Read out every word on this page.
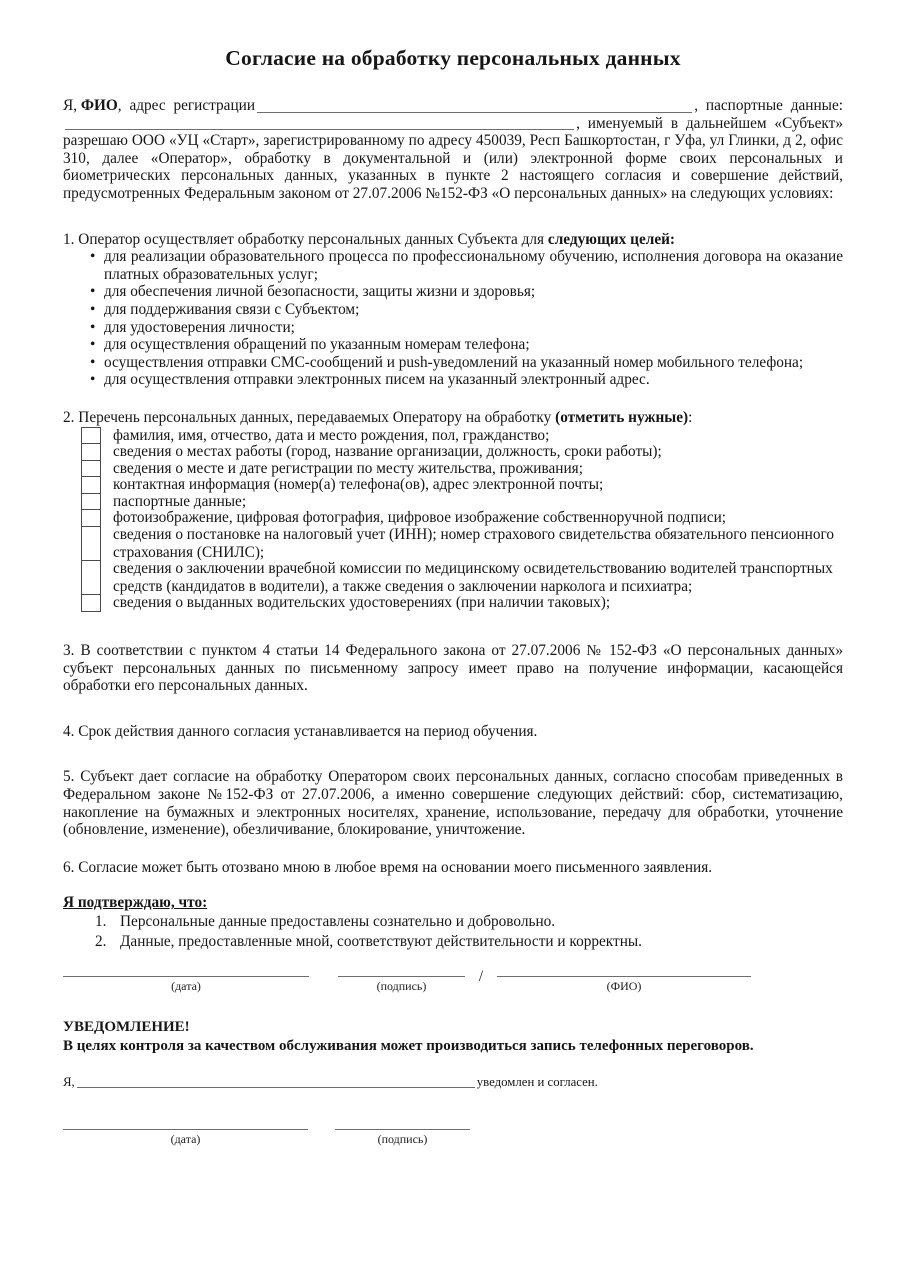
Согласие на обработку персональных данных
Я,
ФИО , адрес регистрации	, паспортные данные:
, именуемый в дальнейшем «Субъект»

разрешаю ООО «УЦ «Старт», зарегистрированному по адресу 450039, Респ Башкортостан, г Уфа, ул Глинки, д 2, офис 310, далее «Оператор», обработку в документальной и (или) электронной форме своих персональных и биометрических персональных данных, указанных в пункте 2 настоящего согласия и совершение действий, предусмотренных Федеральным законом от 27.07.2006 №152-ФЗ «О персональных данных» на следующих условиях:

1. Оператор осуществляет обработку персональных данных Субъекта для следующих целей:

•
для реализации образовательного процесса по профессиональному обучению, исполнения договора на оказание платных образовательных услуг;
•
для обеспечения личной безопасности, защиты жизни и здоровья;
•
для поддерживания связи с Субъектом;
•
для удостоверения личности;
•
для осуществления обращений по указанным номерам телефона;
•
осуществления отправки СМС-сообщений и push-уведомлений на указанный номер мобильного телефона;
•
для осуществления отправки электронных писем на указанный электронный адрес.

2. Перечень персональных данных, передаваемых Оператору на обработку (отметить нужные):

фамилия, имя, отчество, дата и место рождения, пол, гражданство;
сведения о местах работы (город, название организации, должность, сроки работы);
сведения о месте и дате регистрации по месту жительства, проживания;
контактная информация (номер(а) телефона(ов), адрес электронной почты;
паспортные данные;
фотоизображение, цифровая фотография, цифровое изображение собственноручной подписи;
сведения о постановке на налоговый учет (ИНН); номер страхового свидетельства обязательного пенсионного страхования (СНИЛС);
сведения о заключении врачебной комиссии по медицинскому освидетельствованию водителей транспортных средств (кандидатов в водители), а также сведения о заключении нарколога и психиатра;
сведения о выданных водительских удостоверениях (при наличии таковых);

3. В соответствии с пунктом 4 статьи 14 Федерального закона от 27.07.2006 № 152-ФЗ «О персональных данных» субъект персональных данных по письменному запросу имеет право на получение информации, касающейся обработки его персональных данных.

4. Срок действия данного согласия устанавливается на период обучения.

5. Субъект дает согласие на обработку Оператором своих персональных данных, согласно способам приведенных в Федеральном законе №152-ФЗ от 27.07.2006, а именно совершение следующих действий: сбор, систематизацию, накопление на бумажных и электронных носителях, хранение, использование, передачу для обработки, уточнение (обновление, изменение), обезличивание, блокирование, уничтожение.

6. Согласие может быть отозвано мною в любое время на основании моего письменного заявления.

Я подтверждаю, что:
1. Персональные данные предоставлены сознательно и добровольно.
2. Данные, предоставленные мной, соответствуют действительности и корректны.
(дата)	(подпись)
/
(ФИО)
УВЕДОМЛЕНИЕ!
В целях контроля за качеством обслуживания может производиться запись телефонных переговоров.
Я,	уведомлен и согласен.
(дата)	(подпись)
